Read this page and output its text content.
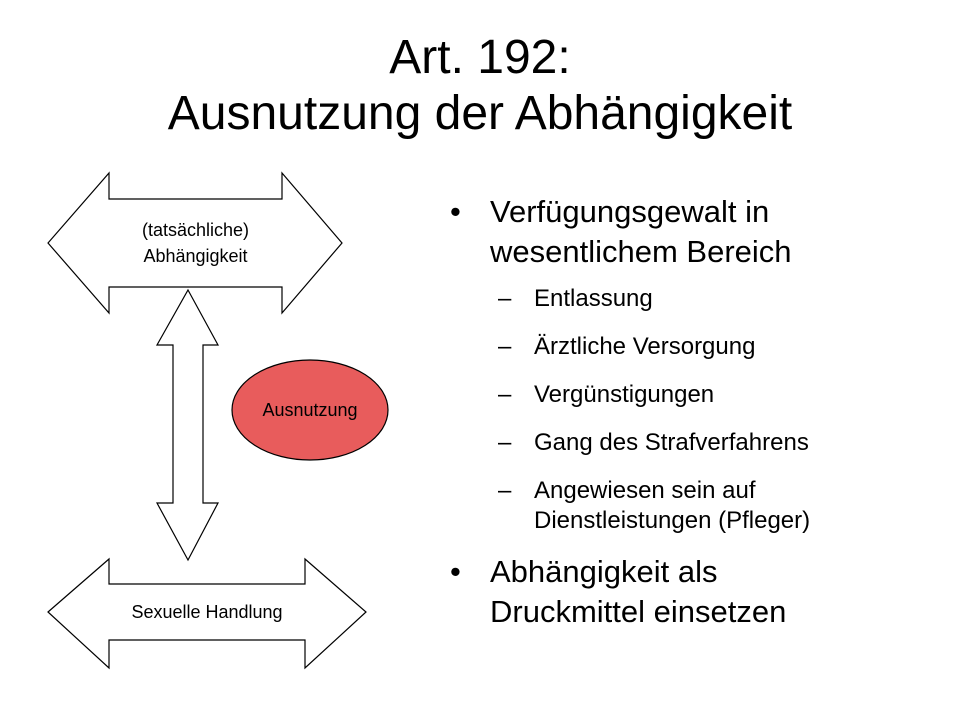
Art. 192:
Ausnutzung der Abhängigkeit
(tatsächliche)
Abhängigkeit
Ausnutzung
Sexuelle Handlung
• Verfügungsgewalt in
wesentlichem Bereich
– Entlassung
– Ärztliche Versorgung
– Vergünstigungen
– Gang des Strafverfahrens
– Angewiesen sein auf
Dienstleistungen (Pfleger)
• Abhängigkeit als
Druckmittel einsetzen
